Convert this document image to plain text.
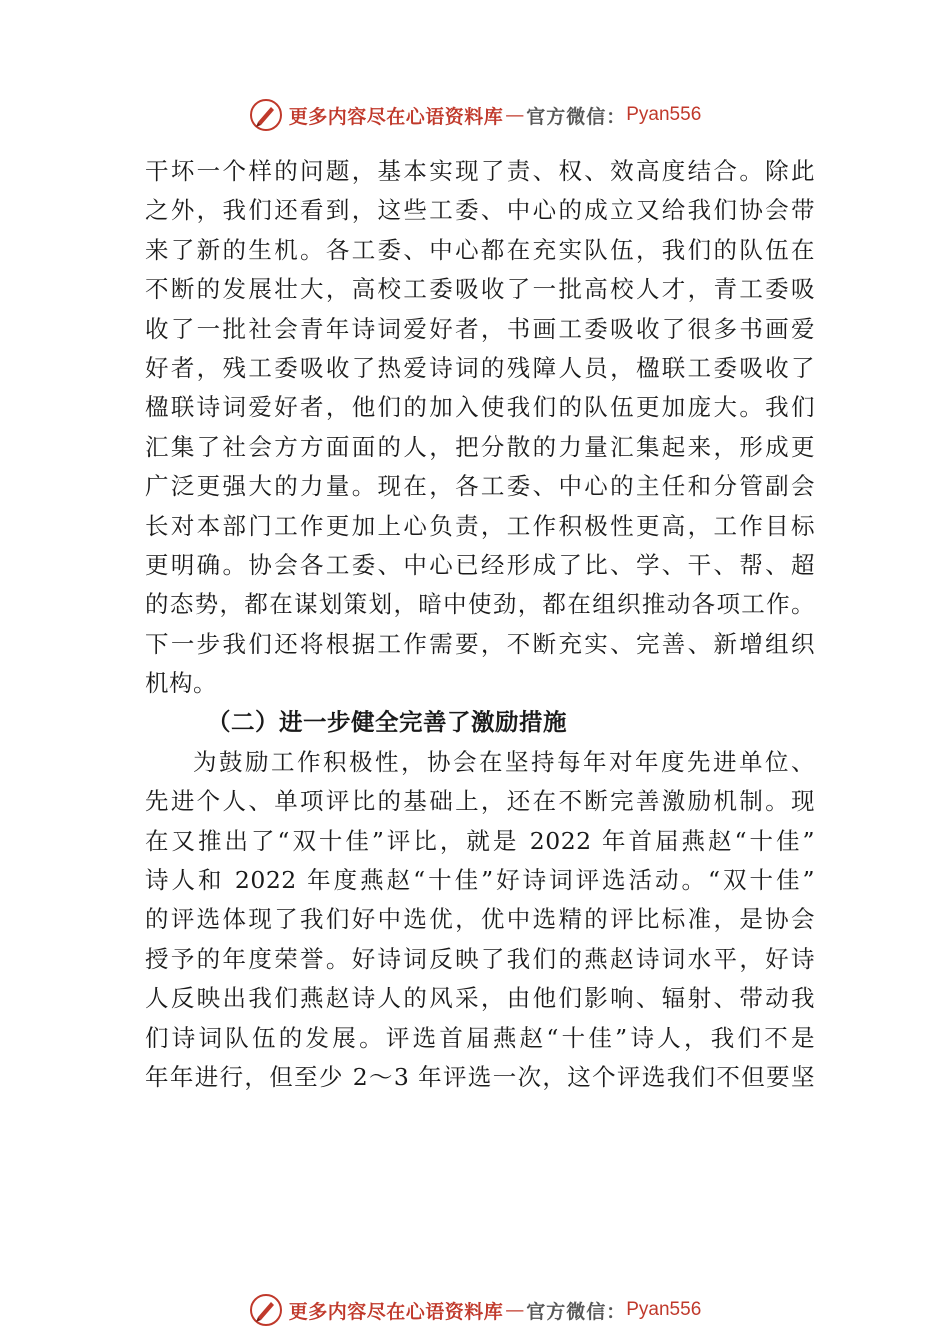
更多内容尽在心语资料库 — 官方微信： Pyan556
干坏一个样的问题，基本实现了责、权、效高度结合。除此
之外，我们还看到，这些工委、中心的成立又给我们协会带
来了新的生机。各工委、中心都在充实队伍，我们的队伍在
不断的发展壮大，高校工委吸收了一批高校人才，青工委吸
收了一批社会青年诗词爱好者，书画工委吸收了很多书画爱
好者，残工委吸收了热爱诗词的残障人员，楹联工委吸收了
楹联诗词爱好者，他们的加入使我们的队伍更加庞大。我们
汇集了社会方方面面的人，把分散的力量汇集起来，形成更
广泛更强大的力量。现在，各工委、中心的主任和分管副会
长对本部门工作更加上心负责，工作积极性更高，工作目标
更明确。协会各工委、中心已经形成了比、学、干、帮、超
的态势，都在谋划策划，暗中使劲，都在组织推动各项工作。
下一步我们还将根据工作需要，不断充实、完善、新增组织
机构。
（二）进一步健全完善了激励措施
为鼓励工作积极性，协会在坚持每年对年度先进单位、
先进个人、单项评比的基础上，还在不断完善激励机制。现
在又推出了“双十佳”评比，就是 2022 年首届燕赵“十佳”
诗人和 2022 年度燕赵“十佳”好诗词评选活动。“双十佳”
的评选体现了我们好中选优，优中选精的评比标准，是协会
授予的年度荣誉。好诗词反映了我们的燕赵诗词水平，好诗
人反映出我们燕赵诗人的风采，由他们影响、辐射、带动我
们诗词队伍的发展。评选首届燕赵“十佳”诗人，我们不是
年年进行，但至少 2～3 年评选一次，这个评选我们不但要坚
更多内容尽在心语资料库 — 官方微信： Pyan556
